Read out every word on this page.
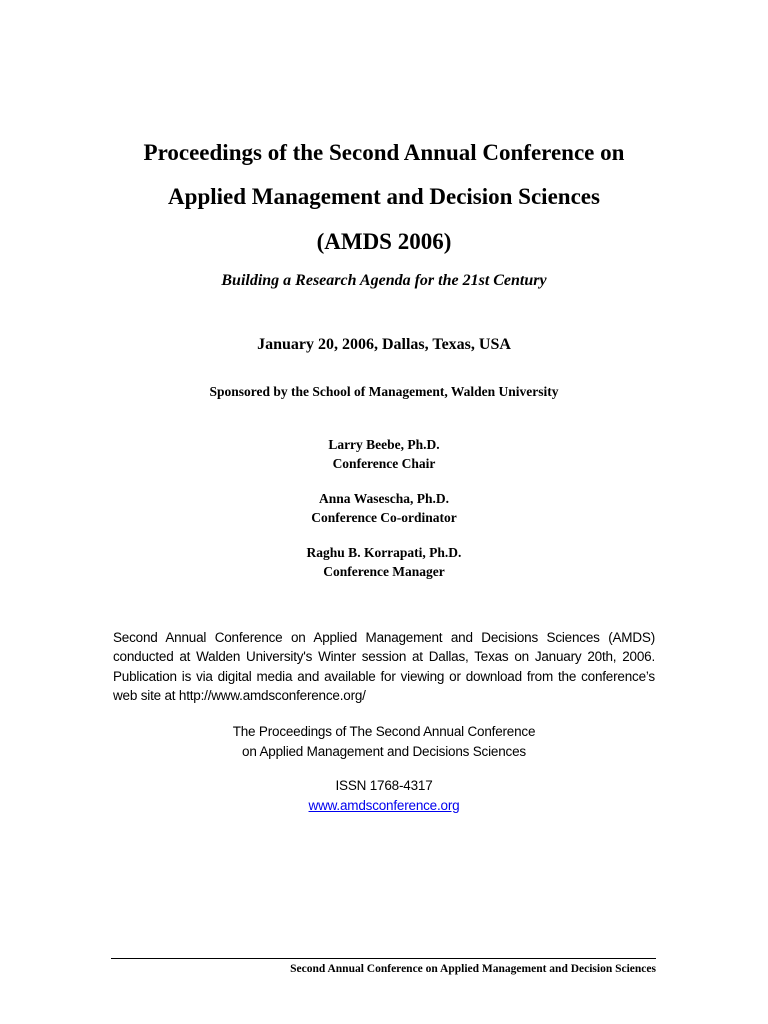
Proceedings of the Second Annual Conference on
Applied Management and Decision Sciences
(AMDS 2006)
Building a Research Agenda for the 21st Century
January 20, 2006, Dallas, Texas, USA
Sponsored by the School of Management, Walden University
Larry Beebe, Ph.D.
Conference Chair
Anna Wasescha, Ph.D.
Conference Co-ordinator
Raghu B. Korrapati, Ph.D.
Conference Manager

Second Annual Conference on Applied Management and Decisions Sciences (AMDS) conducted at Walden University's Winter session at Dallas, Texas on January 20th, 2006. Publication is via digital media and available for viewing or download from the conference’s web site at http://www.amdsconference.org/

The Proceedings of The Second Annual Conference
on Applied Management and Decisions Sciences
ISSN 1768-4317
www.amdsconference.org
Second Annual Conference on Applied Management and Decision Sciences
